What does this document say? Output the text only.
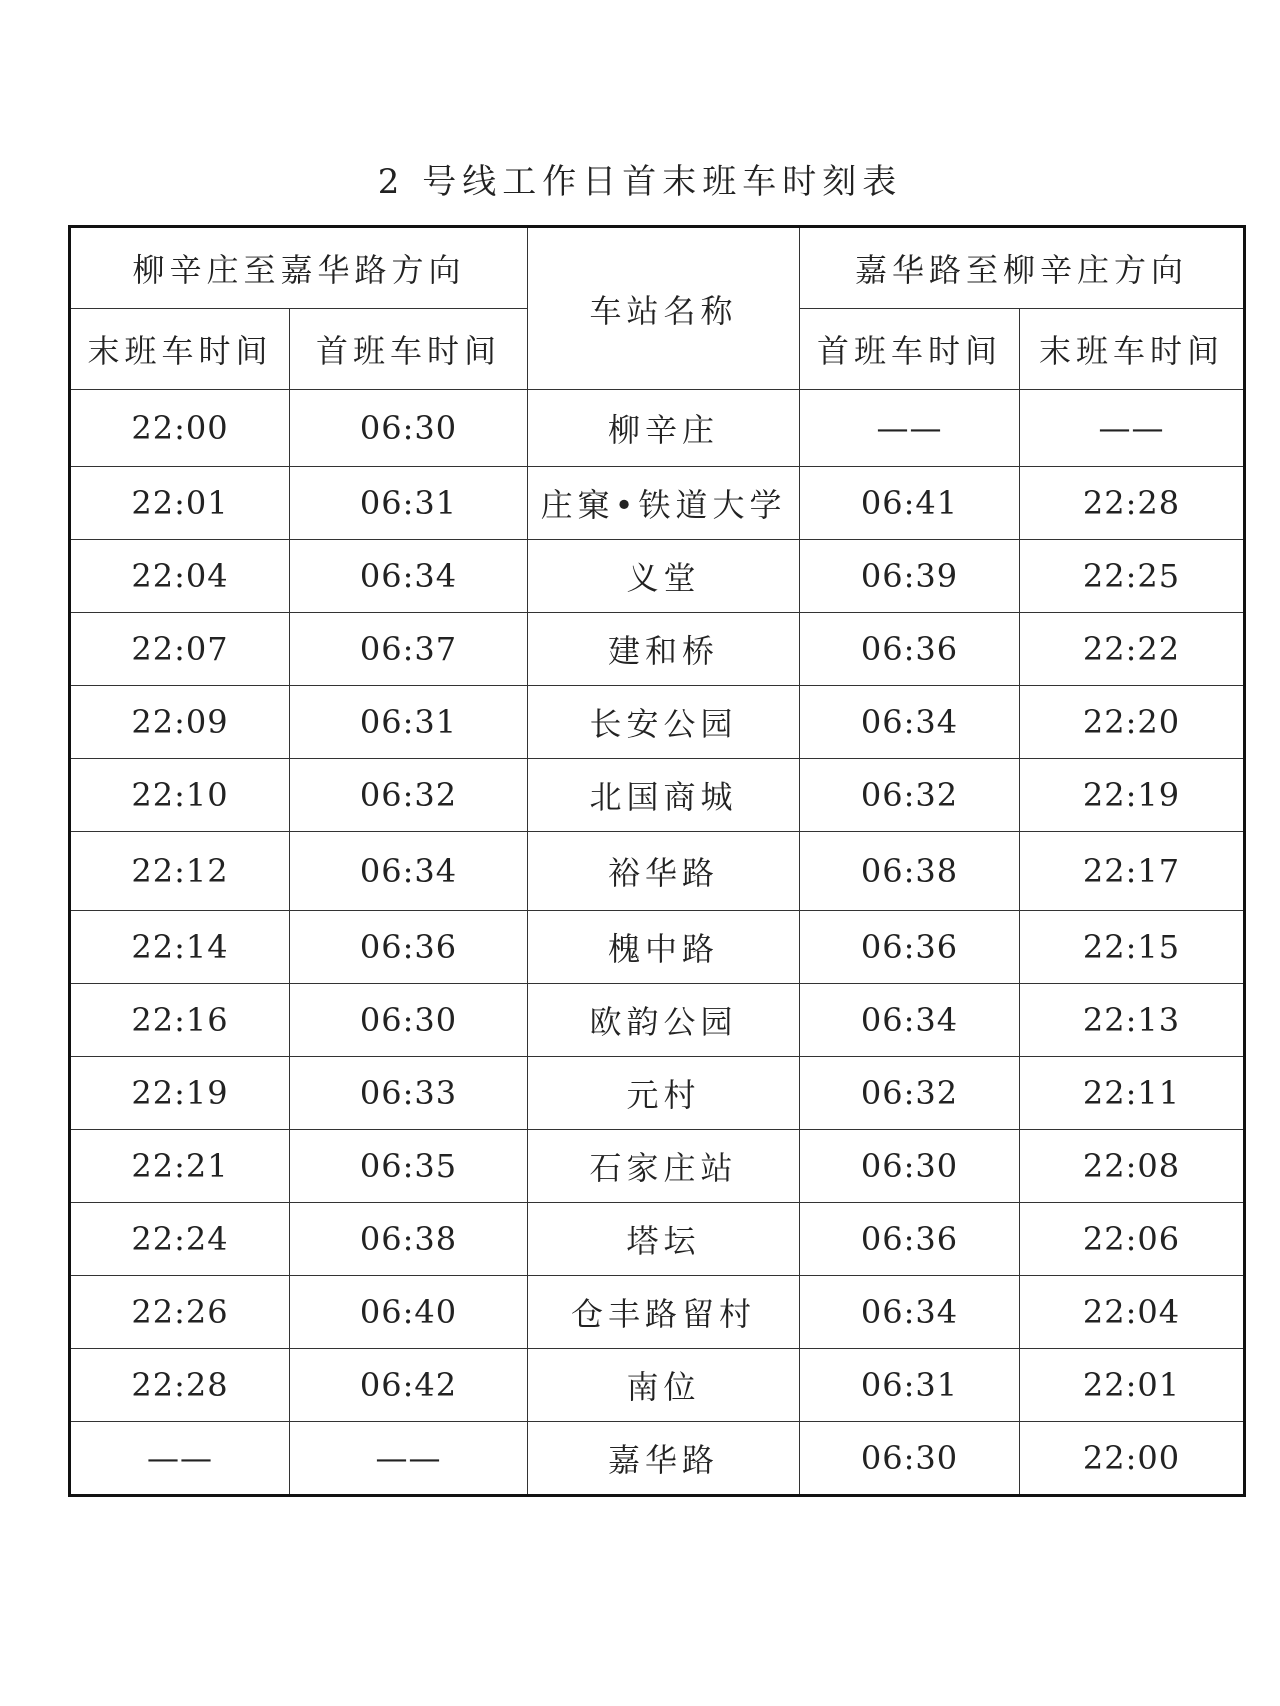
2 号线工作日首末班车时刻表
柳辛庄至嘉华路方向		车站名称	嘉华路至柳辛庄方向	
末班车时间	首班车时间		首班车时间	末班车时间
22:00	06:30	柳辛庄	——	——
22:01	06:31	庄窠•铁道大学	06:41	22:28
22:04	06:34	义堂	06:39	22:25
22:07	06:37	建和桥	06:36	22:22
22:09	06:31	长安公园	06:34	22:20
22:10	06:32	北国商城	06:32	22:19
22:12	06:34	裕华路	06:38	22:17
22:14	06:36	槐中路	06:36	22:15
22:16	06:30	欧韵公园	06:34	22:13
22:19	06:33	元村	06:32	22:11
22:21	06:35	石家庄站	06:30	22:08
22:24	06:38	塔坛	06:36	22:06
22:26	06:40	仓丰路留村	06:34	22:04
22:28	06:42	南位	06:31	22:01
——	——	嘉华路	06:30	22:00
